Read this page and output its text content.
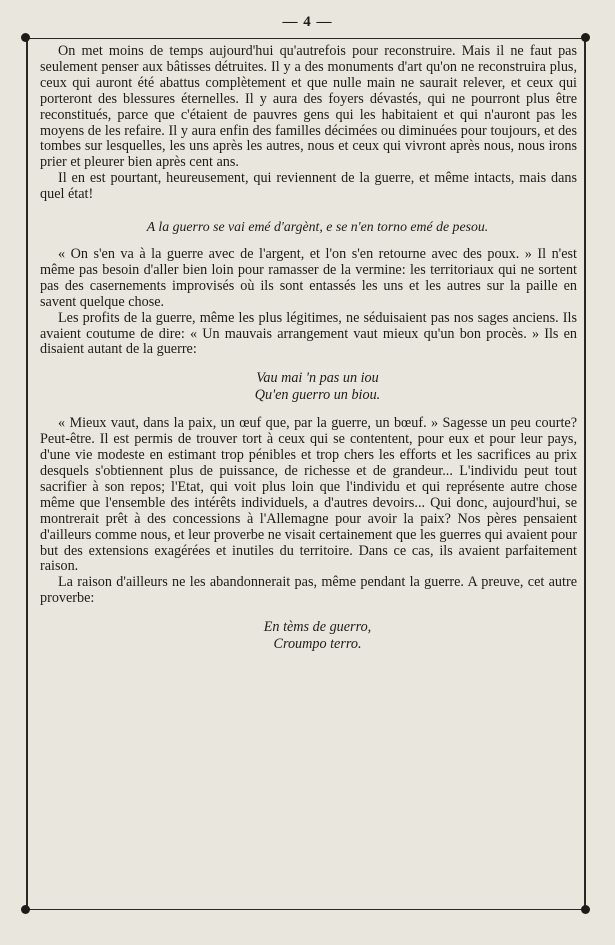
— 4 —

On met moins de temps aujourd'hui qu'autrefois pour reconstruire. Mais il ne faut pas seulement penser aux bâtisses détruites. Il y a des monuments d'art qu'on ne reconstruira plus, ceux qui auront été abattus complètement et que nulle main ne saurait relever, et ceux qui porteront des blessures éternelles. Il y aura des foyers dévastés, qui ne pourront plus être reconstitués, parce que c'étaient de pauvres gens qui les habitaient et qui n'auront pas les moyens de les refaire. Il y aura enfin des familles décimées ou diminuées pour toujours, et des tombes sur lesquelles, les uns après les autres, nous et ceux qui vivront après nous, nous irons prier et pleurer bien après cent ans.

Il en est pourtant, heureusement, qui reviennent de la guerre, et même intacts, mais dans quel état!

A la guerro se vai emé d'argènt, e se n'en torno emé de pesou.

« On s'en va à la guerre avec de l'argent, et l'on s'en retourne avec des poux. » Il n'est même pas besoin d'aller bien loin pour ramasser de la vermine: les territoriaux qui ne sortent pas des casernements improvisés où ils sont entassés les uns et les autres sur la paille en savent quelque chose.

Les profits de la guerre, même les plus légitimes, ne séduisaient pas nos sages anciens. Ils avaient coutume de dire: « Un mauvais arrangement vaut mieux qu'un bon procès. » Ils en disaient autant de la guerre:

Vau mai 'n pas un iou

Qu'en guerro un biou.

« Mieux vaut, dans la paix, un œuf que, par la guerre, un bœuf. » Sagesse un peu courte? Peut-être. Il est permis de trouver tort à ceux qui se contentent, pour eux et pour leur pays, d'une vie modeste en estimant trop pénibles et trop chers les efforts et les sacrifices au prix desquels s'obtiennent plus de puissance, de richesse et de grandeur... L'individu peut tout sacrifier à son repos; l'Etat, qui voit plus loin que l'individu et qui représente autre chose même que l'ensemble des intérêts individuels, a d'autres devoirs... Qui donc, aujourd'hui, se montrerait prêt à des concessions à l'Allemagne pour avoir la paix? Nos pères pensaient d'ailleurs comme nous, et leur proverbe ne visait certainement que les guerres qui avaient pour but des extensions exagérées et inutiles du territoire. Dans ce cas, ils avaient parfaitement raison.

La raison d'ailleurs ne les abandonnerait pas, même pendant la guerre. A preuve, cet autre proverbe:

En tèms de guerro,

Croumpo terro.
